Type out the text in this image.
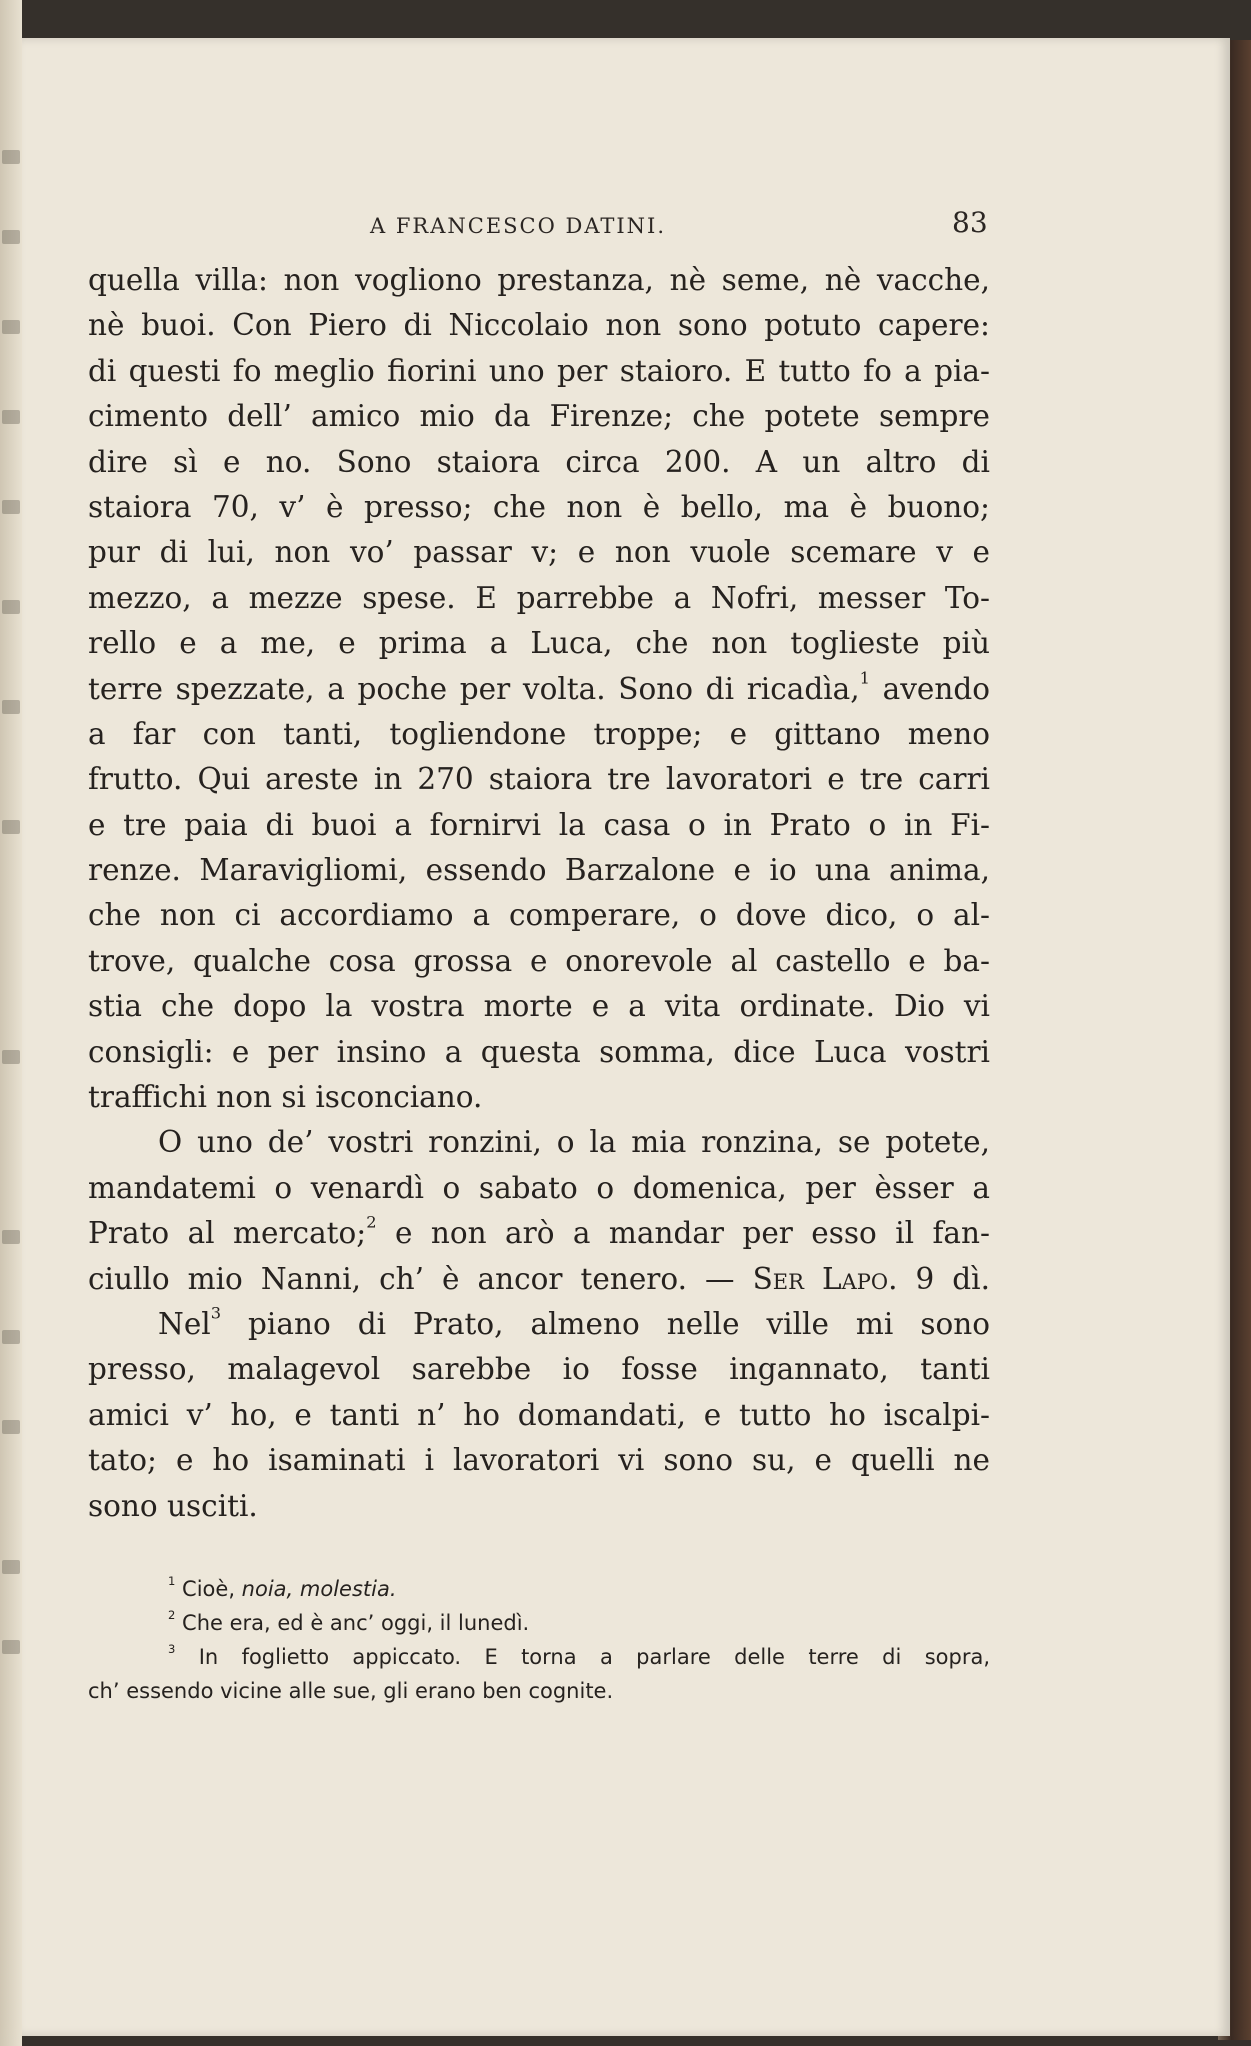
A FRANCESCO DATINI.	83
quella villa: non vogliono prestanza, nè seme, nè vacche,
nè buoi. Con Piero di Niccolaio non sono potuto capere:
di questi fo meglio fiorini uno per staioro. E tutto fo a pia-
cimento dell’ amico mio da Firenze; che potete sempre
dire sì e no. Sono staiora circa 200. A un altro di
staiora 70, v’ è presso; che non è bello, ma è buono;
pur di lui, non vo’ passar v; e non vuole scemare v e
mezzo, a mezze spese. E parrebbe a Nofri, messer To-
rello e a me, e prima a Luca, che non toglieste più
terre spezzate, a poche per volta. Sono di ricadìa,$^1$ avendo
a far con tanti, togliendone troppe; e gittano meno
frutto. Qui areste in 270 staiora tre lavoratori e tre carri
e tre paia di buoi a fornirvi la casa o in Prato o in Fi-
renze. Maravigliomi, essendo Barzalone e io una anima,
che non ci accordiamo a comperare, o dove dico, o al-
trove, qualche cosa grossa e onorevole al castello e ba-
stia che dopo la vostra morte e a vita ordinate. Dio vi
consigli: e per insino a questa somma, dice Luca vostri
traffichi non si isconciano.
O uno de’ vostri ronzini, o la mia ronzina, se potete,
mandatemi o venardì o sabato o domenica, per èsser a
Prato al mercato;$^2$ e non arò a mandar per esso il fan-
ciullo mio Nanni, ch’ è ancor tenero. — Ser Lapo. 9 dì.
Nel$^3$ piano di Prato, almeno nelle ville mi sono
presso, malagevol sarebbe io fosse ingannato, tanti
amici v’ ho, e tanti n’ ho domandati, e tutto ho iscalpi-
tato; e ho isaminati i lavoratori vi sono su, e quelli ne
sono usciti.
$^1$ Cioè, noia, molestia.
$^2$ Che era, ed è anc’ oggi, il lunedì.
$^3$ In foglietto appiccato. E torna a parlare delle terre di sopra,
ch’ essendo vicine alle sue, gli erano ben cognite.
